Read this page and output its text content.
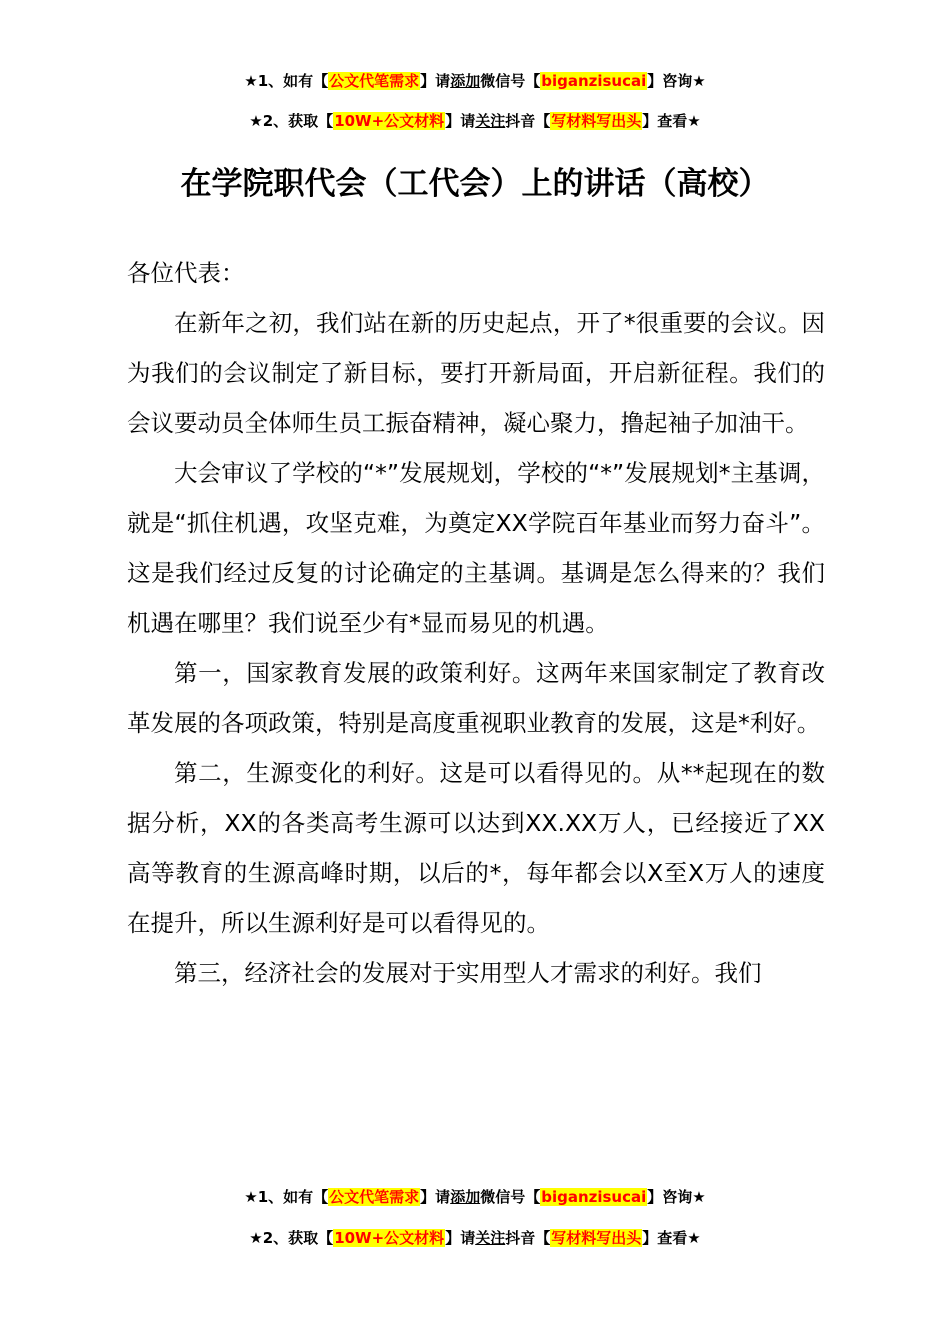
★1、如有【公文代笔需求】请添加微信号【biganzisucai】咨询★
★2、获取【10W+公文材料】请关注抖音【写材料写出头】查看★
在学院职代会（工代会）上的讲话（高校）
各位代表：

在新年之初，我们站在新的历史起点，开了*很重要的会议。因为我们的会议制定了新目标，要打开新局面，开启新征程。我们的会议要动员全体师生员工振奋精神，凝心聚力，撸起袖子加油干。

大会审议了学校的“*”发展规划，学校的“*”发展规划*主基调，就是“抓住机遇，攻坚克难，为奠定XX学院百年基业而努力奋斗”。这是我们经过反复的讨论确定的主基调。基调是怎么得来的？我们机遇在哪里？我们说至少有*显而易见的机遇。

第一，国家教育发展的政策利好。这两年来国家制定了教育改革发展的各项政策，特别是高度重视职业教育的发展，这是*利好。

第二，生源变化的利好。这是可以看得见的。从**起现在的数据分析，XX的各类高考生源可以达到XX.XX万人，已经接近了XX高等教育的生源高峰时期，以后的*，每年都会以X至X万人的速度在提升，所以生源利好是可以看得见的。

第三，经济社会的发展对于实用型人才需求的利好。我们

★1、如有【公文代笔需求】请添加微信号【biganzisucai】咨询★
★2、获取【10W+公文材料】请关注抖音【写材料写出头】查看★
